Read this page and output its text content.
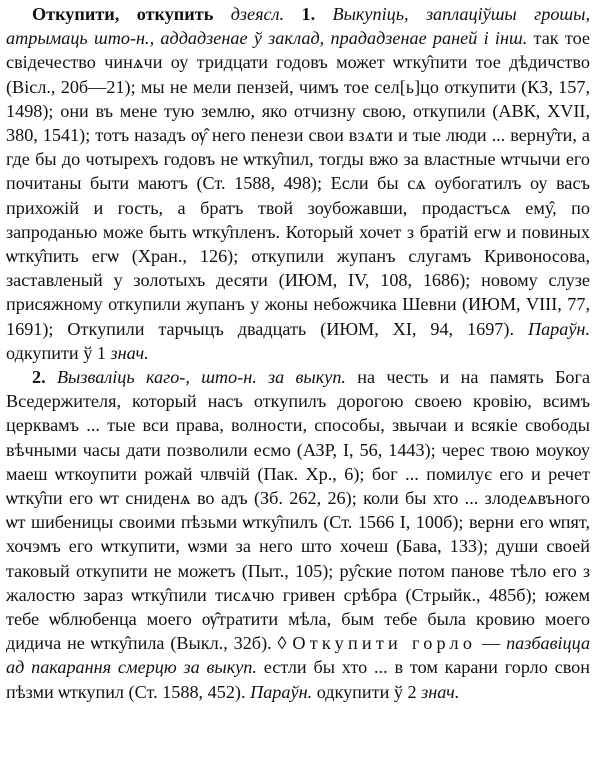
Откупити, откупить дзеясл. 1. Выкупіць, заплаціўшы грошы, атрымаць што-н., аддадзенае ў заклад, прададзенае раней і інш. так тое свідечество чинѧчи оу тридцати годовъ может ѡтку̂пити тое дѣдичство (Вісл., 20б—21); мы не мели пензей, чимъ тое сел[ь]цо откупити (КЗ, 157, 1498); они въ мене тую землю, яко отчизну свою, откупили (АВК, XVII, 380, 1541); тотъ назадъ ѹ̂ него пенези свои взѧти и тые люди ... верну̂ти, а где бы до чотырехъ годовъ не ѡтку̂пил, тогды вжо за властные ѡтчычи его почитаны быти маютъ (Ст. 1588, 498); Если бы сѧ оубогатилъ оу васъ прихожій и гость, а братъ твой зоубожавши, продастъсѧ ему̂, по запроданью може быть ѡтку̂пленъ. Который хочет з братій егѡ и повиных ѡтку̂пить егѡ (Хран., 126); откупили жупанъ слугамъ Кривоносова, заставленый у золотыхъ десяти (ИЮМ, IV, 108, 1686); новому слузе присяжному откупили жупанъ у жоны небожчика Шевни (ИЮМ, VIII, 77, 1691); Откупили тарчыцъ двадцать (ИЮМ, XI, 94, 1697). Параўн. одкупити ў 1 знач.

2. Вызваліць каго-, што-н. за выкуп. на честь и на память Бога Вседержителя, который насъ откупилъ дорогою своею кровію, всимъ церквамъ ... тые вси права, волности, способы, звычаи и всякіе свободы вѣчными часы дати позволили есмо (АЗР, I, 56, 1443); черес твою моукоу маеш ѡткоупити рожай члвчій (Пак. Хр., 6); бог ... помилує его и речет ѡтку̂пи его ѡт сниденѧ во адъ (Зб. 262, 26); коли бы хто ... злодеѧвъного ѡт шибеницы своими пѣзьми ѡтку̂пилъ (Ст. 1566 I, 100б); верни его ѡпят, хочэмъ его ѡткупити, ѡзми за него што хочеш (Бава, 133); души своей таковый откупити не можетъ (Пыт., 105); ру̂ские потом панове тѣло его з жалостю зараз ѡтку̂пили тисѧчю гривен срѣбра (Стрыйк., 485б); южем тебе ѡблюбенца моего ѹ̂тратити мѣла, бым тебе была кровию моего дидича не ѡтку̂пила (Выкл., 32б). ◊ Откупити горло — пазбавіцца ад пакарання смерцю за выкуп. естли бы хто ... в том карани горло свон пѣзми ѡткупил (Ст. 1588, 452). Параўн. одкупити ў 2 знач.
